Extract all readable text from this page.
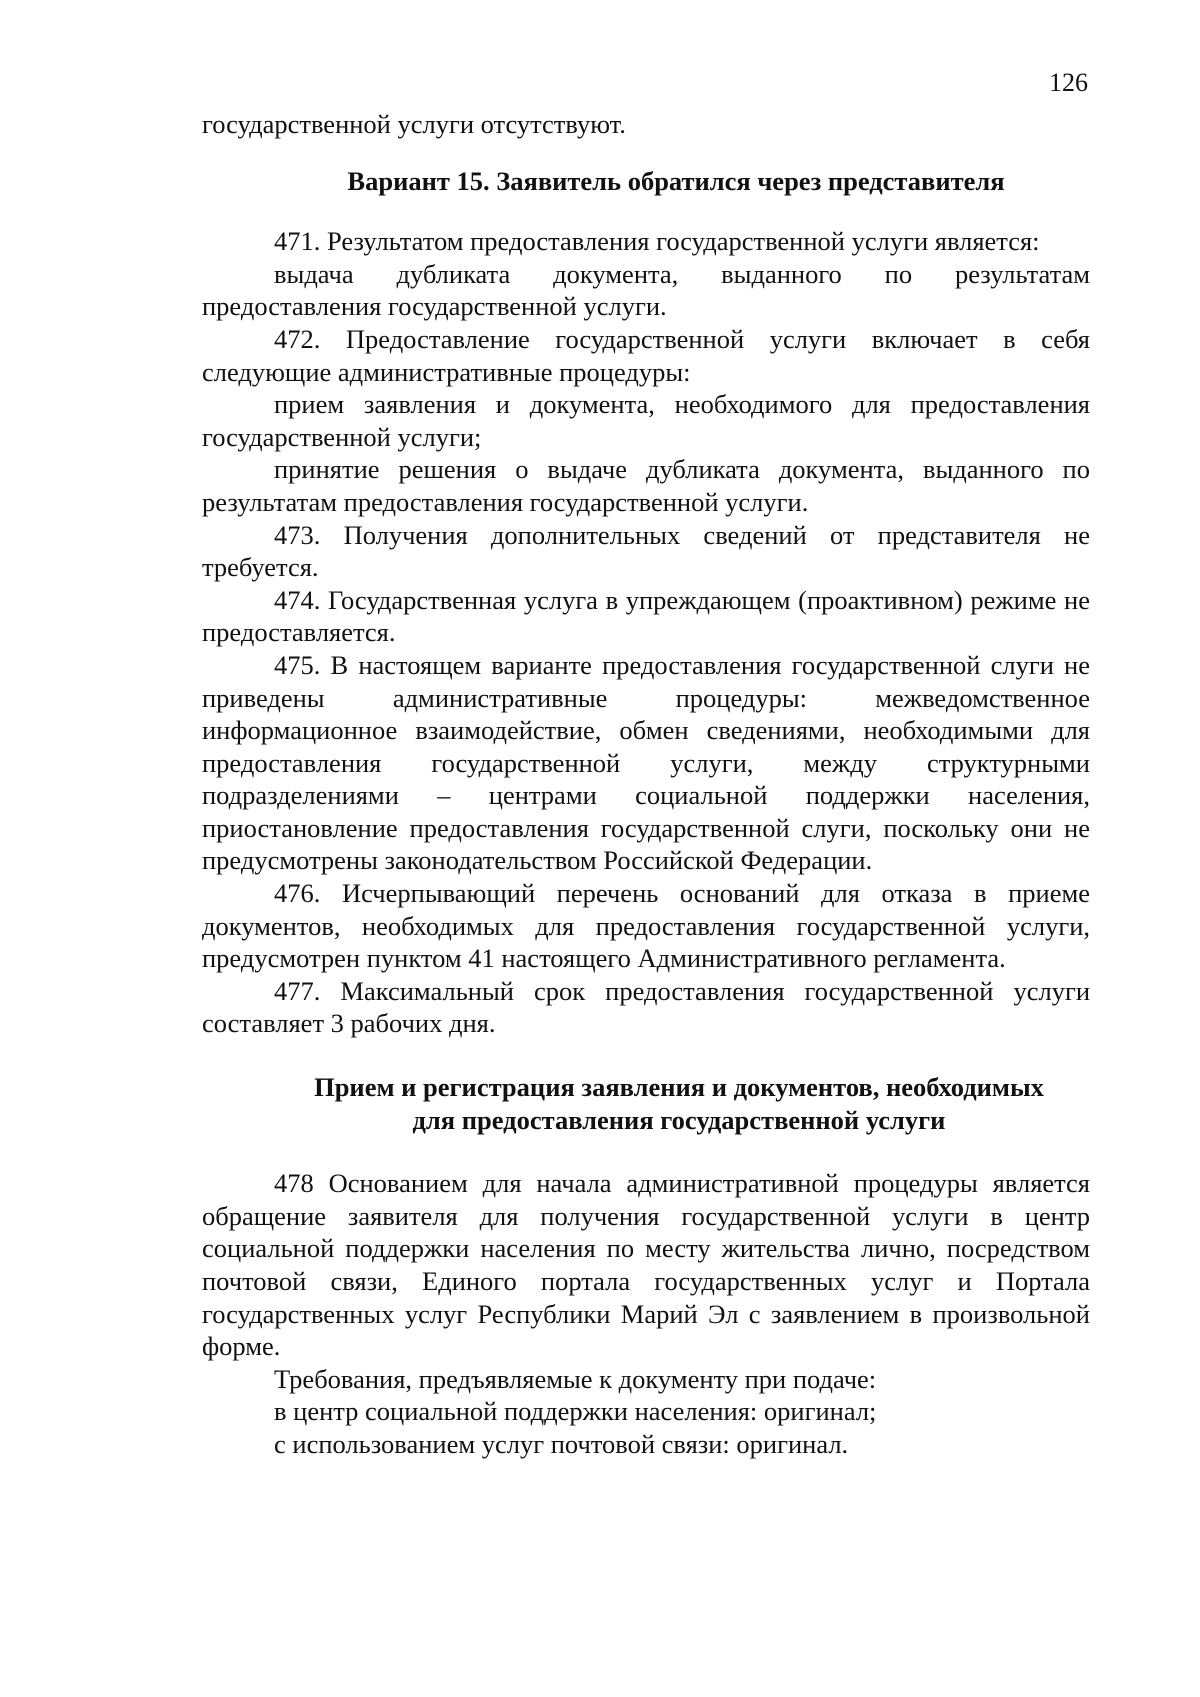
126

государственной услуги отсутствуют.

Вариант 15. Заявитель обратился через представителя

471. Результатом предоставления государственной услуги является:

выдача дубликата документа, выданного по результатам предоставления государственной услуги.

472. Предоставление государственной услуги включает в себя следующие административные процедуры:

прием заявления и документа, необходимого для предоставления государственной услуги;

принятие решения о выдаче дубликата документа, выданного по результатам предоставления государственной услуги.

473. Получения дополнительных сведений от представителя не требуется.

474. Государственная услуга в упреждающем (проактивном) режиме не предоставляется.

475. В настоящем варианте предоставления государственной слуги не приведены административные процедуры: межведомственное информационное взаимодействие, обмен сведениями, необходимыми для предоставления государственной услуги, между структурными подразделениями – центрами социальной поддержки населения, приостановление предоставления государственной слуги, поскольку они не предусмотрены законодательством Российской Федерации.

476. Исчерпывающий перечень оснований для отказа в приеме документов, необходимых для предоставления государственной услуги, предусмотрен пунктом 41 настоящего Административного регламента.

477. Максимальный срок предоставления государственной услуги составляет 3 рабочих дня.

Прием и регистрация заявления и документов, необходимых
для предоставления государственной услуги

478 Основанием для начала административной процедуры является обращение заявителя для получения государственной услуги в центр социальной поддержки населения по месту жительства лично, посредством почтовой связи, Единого портала государственных услуг и Портала государственных услуг Республики Марий Эл с заявлением в произвольной форме.

Требования, предъявляемые к документу при подаче:

в центр социальной поддержки населения: оригинал;

с использованием услуг почтовой связи: оригинал.
